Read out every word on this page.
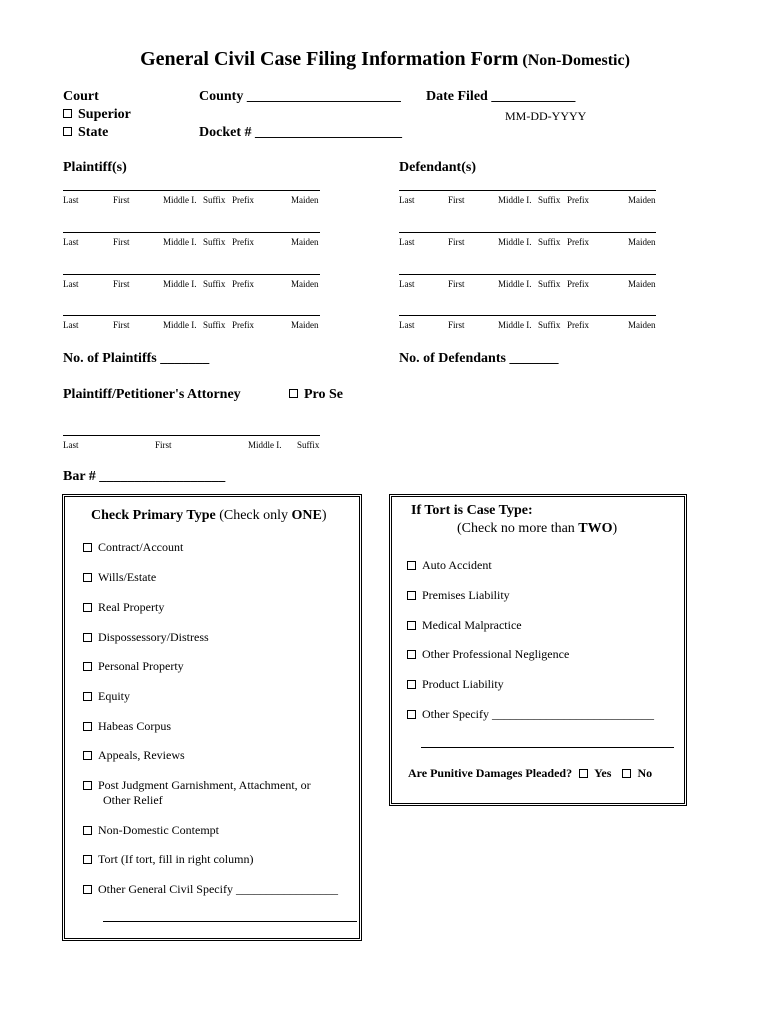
General Civil Case Filing Information Form (Non-Domestic)
Court
Superior
State
County ______________________
Docket # _____________________
Date Filed ____________
MM-DD-YYYY
Plaintiff(s)	Defendant(s)
Last	First	Middle I. Suffix Prefix	Maiden
Last	First	Middle I. Suffix Prefix	Maiden
Last	First	Middle I. Suffix Prefix	Maiden
Last	First	Middle I. Suffix Prefix	Maiden
Last	First	Middle I. Suffix Prefix	Maiden
Last	First	Middle I. Suffix Prefix	Maiden
Last	First	Middle I. Suffix Prefix	Maiden
Last	First	Middle I. Suffix Prefix	Maiden
No. of Plaintiffs _______	No. of Defendants _______
Plaintiff/Petitioner's Attorney	Pro Se
Last	First	Middle I. Suffix
Bar # __________________
Check Primary Type (Check only ONE)
Contract/Account
Wills/Estate
Real Property
Dispossessory/Distress
Personal Property
Equity
Habeas Corpus
Appeals, Reviews
Post Judgment Garnishment, Attachment, or
Other Relief
Non-Domestic Contempt
Tort (If tort, fill in right column)
Other General Civil Specify _________________
If Tort is Case Type:
(Check no more than TWO)
Auto Accident
Premises Liability
Medical Malpractice
Other Professional Negligence
Product Liability
Other Specify ___________________________
Are Punitive Damages Pleaded? Yes No
